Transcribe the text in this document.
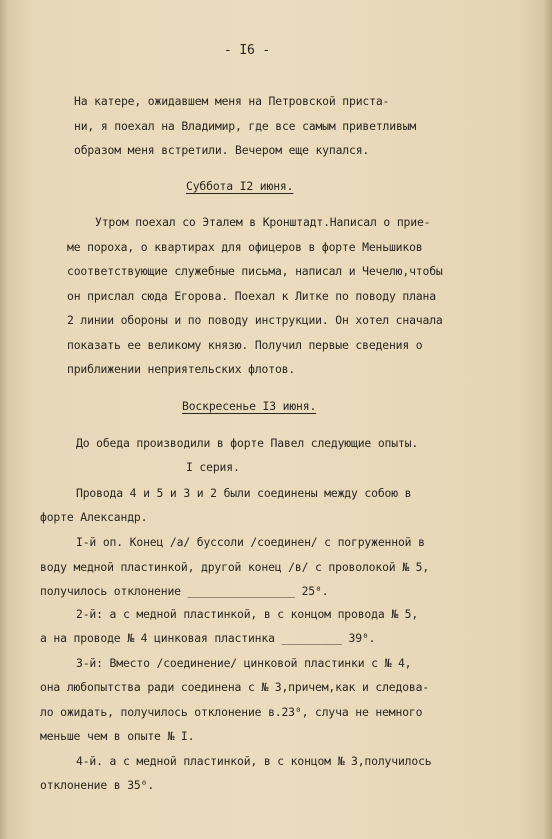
- I6 -
На катере, ожидавшем меня на Петровской приста-
ни, я поехал на Владимир, где все самым приветливым
образом меня встретили. Вечером еще купался.
Суббота I2 июня.
Утром поехал со Эталем в Кронштадт.Написал о прие-
ме пороха, о квартирах для офицеров в форте Меньшиков
соответствующие служебные письма, написал и Чечелю,чтобы
он прислал сюда Егорова. Поехал к Литке по поводу плана
2 линии обороны и по поводу инструкции. Он хотел сначала
показать ее великому князю. Получил первые сведения о
приближении неприятельских флотов.
Воскресенье I3 июня.
До обеда производили в форте Павел следующие опыты.
I серия.
Провода 4 и 5 и 3 и 2 были соединены между собою в
форте Александр.
I-й оп. Конец /а/ буссоли /соединен/ с погруженной в
воду медной пластинкой, другой конец /в/ с проволокой № 5,
получилось отклонение ________________ 25⁰.
2-й: а с медной пластинкой, в с концом провода № 5,
а на проводе № 4 цинковая пластинка _________ 39⁰.
3-й: Вместо /соединение/ цинковой пластинки с № 4,
она любопытства ради соединена с № 3,причем,как и следова-
ло ожидать, получилось отклонение в.23⁰, случа не немного
меньше чем в опыте № I.
4-й. а с медной пластинкой, в с концом № 3,получилось
отклонение в 35⁰.
